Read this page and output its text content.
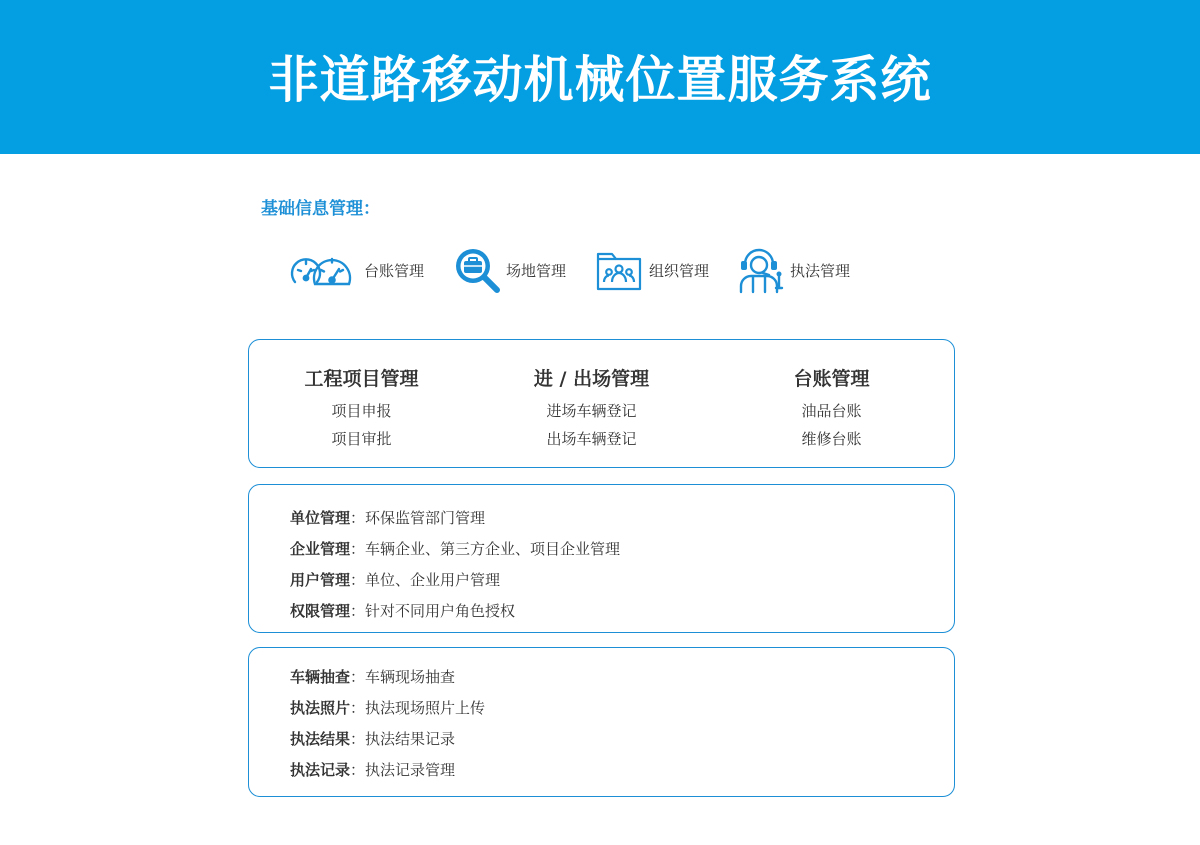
非道路移动机械位置服务系统
基础信息管理：
台账管理	场地管理	组织管理	执法管理
工程项目管理
项目申报
项目审批
进 / 出场管理
进场车辆登记
出场车辆登记
台账管理
油品台账
维修台账
单位管理：环保监管部门管理
企业管理：车辆企业、第三方企业、项目企业管理
用户管理：单位、企业用户管理
权限管理：针对不同用户角色授权
车辆抽查：车辆现场抽查
执法照片：执法现场照片上传
执法结果：执法结果记录
执法记录：执法记录管理
